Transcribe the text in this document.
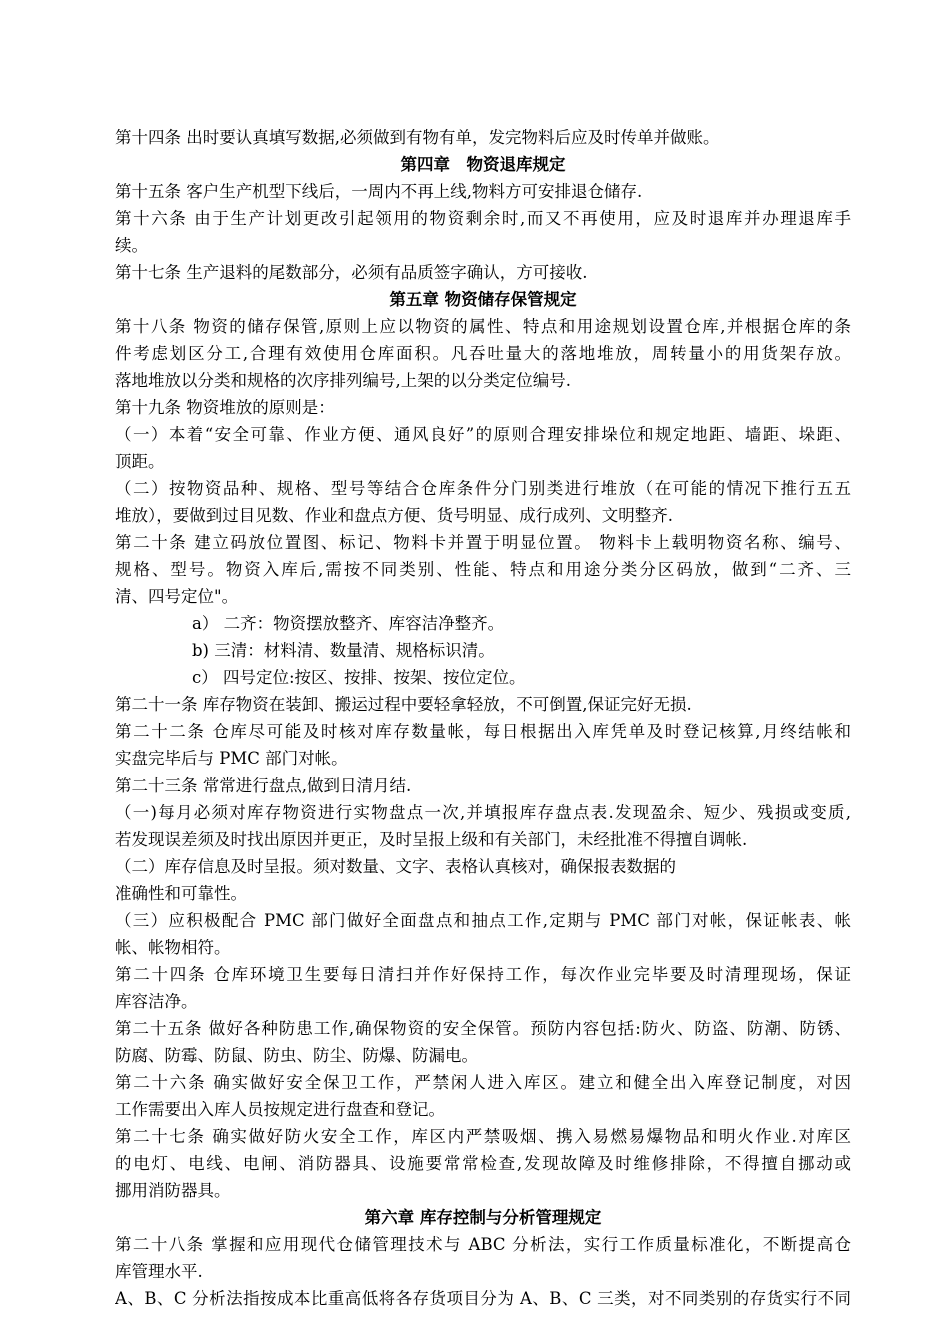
第十四条 出时要认真填写数据,必须做到有物有单，发完物料后应及时传单并做账。
第四章　物资退库规定
第十五条 客户生产机型下线后，一周内不再上线,物料方可安排退仓储存.
第十六条 由于生产计划更改引起领用的物资剩余时,而又不再使用，应及时退库并办理退库手
续。
第十七条 生产退料的尾数部分，必须有品质签字确认，方可接收.
第五章 物资储存保管规定
第十八条 物资的储存保管,原则上应以物资的属性、特点和用途规划设置仓库,并根据仓库的条
件考虑划区分工,合理有效使用仓库面积。凡吞吐量大的落地堆放，周转量小的用货架存放。
落地堆放以分类和规格的次序排列编号,上架的以分类定位编号.
第十九条 物资堆放的原则是：
（一）本着“安全可靠、作业方便、通风良好”的原则合理安排垛位和规定地距、墙距、垛距、
顶距。
（二）按物资品种、规格、型号等结合仓库条件分门别类进行堆放（在可能的情况下推行五五
堆放），要做到过目见数、作业和盘点方便、货号明显、成行成列、文明整齐.
第二十条 建立码放位置图、标记、物料卡并置于明显位置。 物料卡上载明物资名称、编号、
规格、型号。物资入库后,需按不同类别、性能、特点和用途分类分区码放，做到“二齐、三
清、四号定位"。
a） 二齐：物资摆放整齐、库容洁净整齐。
b) 三清：材料清、数量清、规格标识清。
c） 四号定位:按区、按排、按架、按位定位。
第二十一条 库存物资在装卸、搬运过程中要轻拿轻放，不可倒置,保证完好无损.
第二十二条 仓库尽可能及时核对库存数量帐，每日根据出入库凭单及时登记核算,月终结帐和
实盘完毕后与 PMC 部门对帐。
第二十三条 常常进行盘点,做到日清月结.
（一)每月必须对库存物资进行实物盘点一次,并填报库存盘点表.发现盈余、短少、残损或变质,
若发现误差须及时找出原因并更正，及时呈报上级和有关部门，未经批准不得擅自调帐.
（二）库存信息及时呈报。须对数量、文字、表格认真核对，确保报表数据的
准确性和可靠性。
（三）应积极配合 PMC 部门做好全面盘点和抽点工作,定期与 PMC 部门对帐，保证帐表、帐
帐、帐物相符。
第二十四条 仓库环境卫生要每日清扫并作好保持工作，每次作业完毕要及时清理现场，保证
库容洁净。
第二十五条 做好各种防患工作,确保物资的安全保管。预防内容包括:防火、防盗、防潮、防锈、
防腐、防霉、防鼠、防虫、防尘、防爆、防漏电。
第二十六条 确实做好安全保卫工作，严禁闲人进入库区。建立和健全出入库登记制度，对因
工作需要出入库人员按规定进行盘查和登记。
第二十七条 确实做好防火安全工作，库区内严禁吸烟、携入易燃易爆物品和明火作业.对库区
的电灯、电线、电闸、消防器具、设施要常常检查,发现故障及时维修排除，不得擅自挪动或
挪用消防器具。
第六章 库存控制与分析管理规定
第二十八条 掌握和应用现代仓储管理技术与 ABC 分析法，实行工作质量标准化，不断提高仓
库管理水平.
A、B、C 分析法指按成本比重高低将各存货项目分为 A、B、C 三类，对不同类别的存货实行不同
